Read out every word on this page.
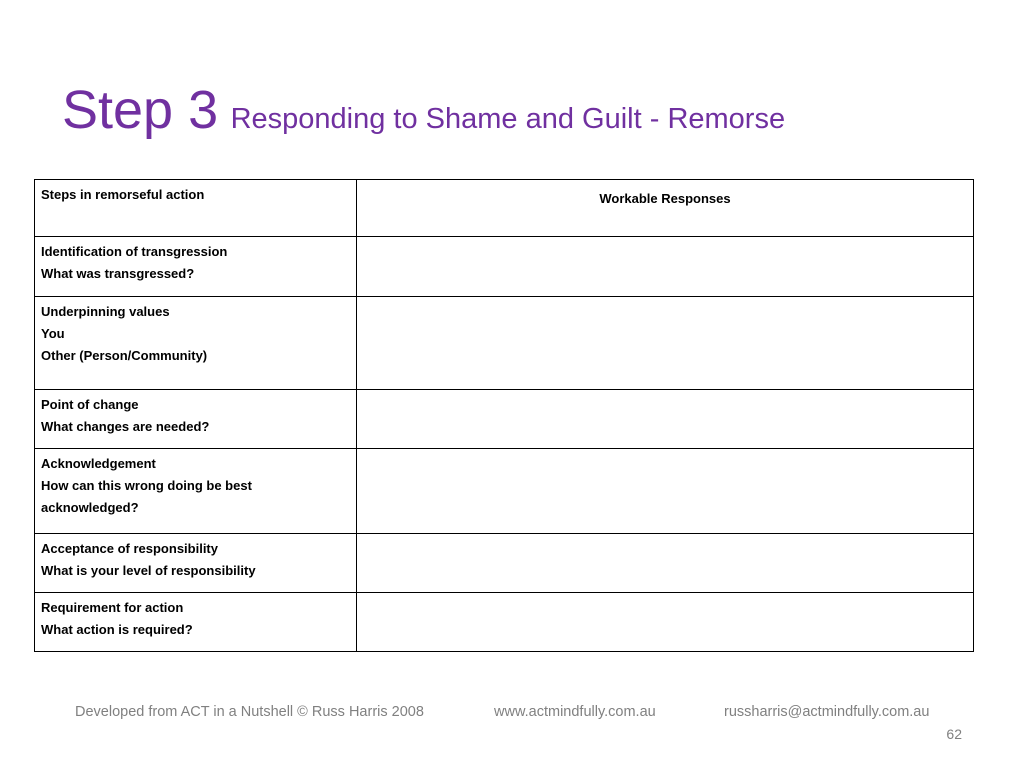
Step 3 Responding to Shame and Guilt - Remorse
Steps in remorseful action	Workable Responses

Identification of transgression
What was transgressed?	

Underpinning values
You
Other (Person/Community)	

Point of change
What changes are needed?	

Acknowledgement
How can this wrong doing be best
acknowledged?	

Acceptance of responsibility
What is your level of responsibility	

Requirement for action
What action is required?	

Developed from ACT in a Nutshell © Russ Harris 2008	www.actmindfully.com.au	russharris@actmindfully.com.au
62
